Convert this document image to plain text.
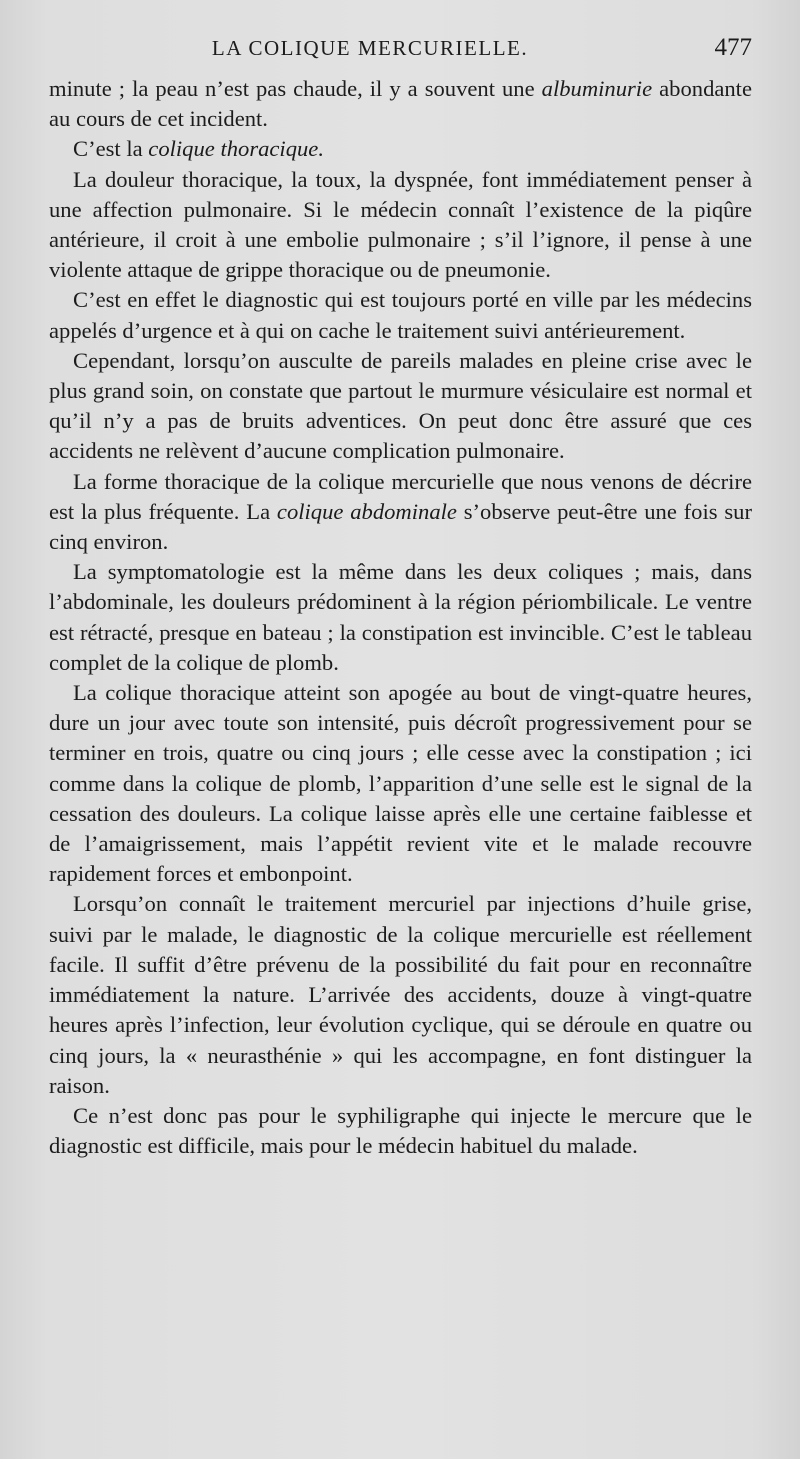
LA COLIQUE MERCURIELLE.	477

minute ; la peau n’est pas chaude, il y a souvent une albuminurie abondante au cours de cet incident.

C’est la colique thoracique.

La douleur thoracique, la toux, la dyspnée, font immédiatement penser à une affection pulmonaire. Si le médecin connaît l’existence de la piqûre antérieure, il croit à une embolie pulmonaire ; s’il l’ignore, il pense à une violente attaque de grippe thoracique ou de pneumonie.

C’est en effet le diagnostic qui est toujours porté en ville par les médecins appelés d’urgence et à qui on cache le traitement suivi antérieurement.

Cependant, lorsqu’on ausculte de pareils malades en pleine crise avec le plus grand soin, on constate que partout le murmure vésiculaire est normal et qu’il n’y a pas de bruits adventices. On peut donc être assuré que ces accidents ne relèvent d’aucune complication pulmonaire.

La forme thoracique de la colique mercurielle que nous venons de décrire est la plus fréquente. La colique abdominale s’observe peut-être une fois sur cinq environ.

La symptomatologie est la même dans les deux coliques ; mais, dans l’abdominale, les douleurs prédominent à la région périombilicale. Le ventre est rétracté, presque en bateau ; la constipation est invincible. C’est le tableau complet de la colique de plomb.

La colique thoracique atteint son apogée au bout de vingt-quatre heures, dure un jour avec toute son intensité, puis décroît progressivement pour se terminer en trois, quatre ou cinq jours ; elle cesse avec la constipation ; ici comme dans la colique de plomb, l’apparition d’une selle est le signal de la cessation des douleurs. La colique laisse après elle une certaine faiblesse et de l’amaigrissement, mais l’appétit revient vite et le malade recouvre rapidement forces et embonpoint.

Lorsqu’on connaît le traitement mercuriel par injections d’huile grise, suivi par le malade, le diagnostic de la colique mercurielle est réellement facile. Il suffit d’être prévenu de la possibilité du fait pour en reconnaître immédiatement la nature. L’arrivée des accidents, douze à vingt-quatre heures après l’infection, leur évolution cyclique, qui se déroule en quatre ou cinq jours, la « neurasthénie » qui les accompagne, en font distinguer la raison.

Ce n’est donc pas pour le syphiligraphe qui injecte le mercure que le diagnostic est difficile, mais pour le médecin habituel du malade.
